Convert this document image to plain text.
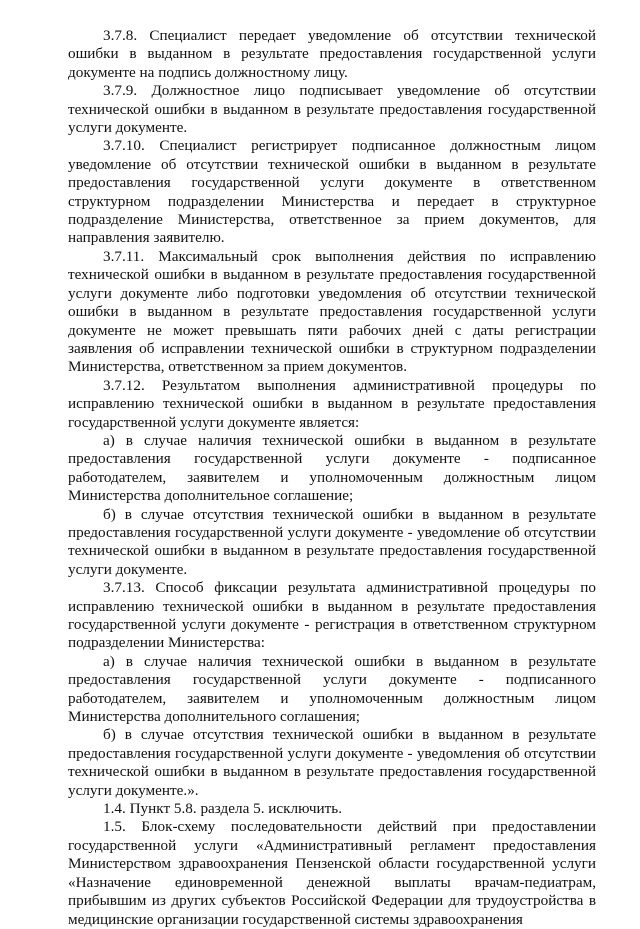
3.7.8. Специалист передает уведомление об отсутствии технической ошибки в выданном в результате предоставления государственной услуги документе на подпись должностному лицу.

3.7.9. Должностное лицо подписывает уведомление об отсутствии технической ошибки в выданном в результате предоставления государственной услуги документе.

3.7.10. Специалист регистрирует подписанное должностным лицом уведомление об отсутствии технической ошибки в выданном в результате предоставления государственной услуги документе в ответственном структурном подразделении Министерства и передает в структурное подразделение Министерства, ответственное за прием документов, для направления заявителю.

3.7.11. Максимальный срок выполнения действия по исправлению технической ошибки в выданном в результате предоставления государственной услуги документе либо подготовки уведомления об отсутствии технической ошибки в выданном в результате предоставления государственной услуги документе не может превышать пяти рабочих дней с даты регистрации заявления об исправлении технической ошибки в структурном подразделении Министерства, ответственном за прием документов.

3.7.12. Результатом выполнения административной процедуры по исправлению технической ошибки в выданном в результате предоставления государственной услуги документе является:

а) в случае наличия технической ошибки в выданном в результате предоставления государственной услуги документе - подписанное работодателем, заявителем и уполномоченным должностным лицом Министерства дополнительное соглашение;

б) в случае отсутствия технической ошибки в выданном в результате предоставления государственной услуги документе - уведомление об отсутствии технической ошибки в выданном в результате предоставления государственной услуги документе.

3.7.13. Способ фиксации результата административной процедуры по исправлению технической ошибки в выданном в результате предоставления государственной услуги документе - регистрация в ответственном структурном подразделении Министерства:

а) в случае наличия технической ошибки в выданном в результате предоставления государственной услуги документе - подписанного работодателем, заявителем и уполномоченным должностным лицом Министерства дополнительного соглашения;

б) в случае отсутствия технической ошибки в выданном в результате предоставления государственной услуги документе - уведомления об отсутствии технической ошибки в выданном в результате предоставления государственной услуги документе.».

1.4. Пункт 5.8. раздела 5. исключить.

1.5. Блок-схему последовательности действий при предоставлении государственной услуги «Административный регламент предоставления Министерством здравоохранения Пензенской области государственной услуги «Назначение единовременной денежной выплаты врачам-педиатрам, прибывшим из других субъектов Российской Федерации для трудоустройства в медицинские организации государственной системы здравоохранения
